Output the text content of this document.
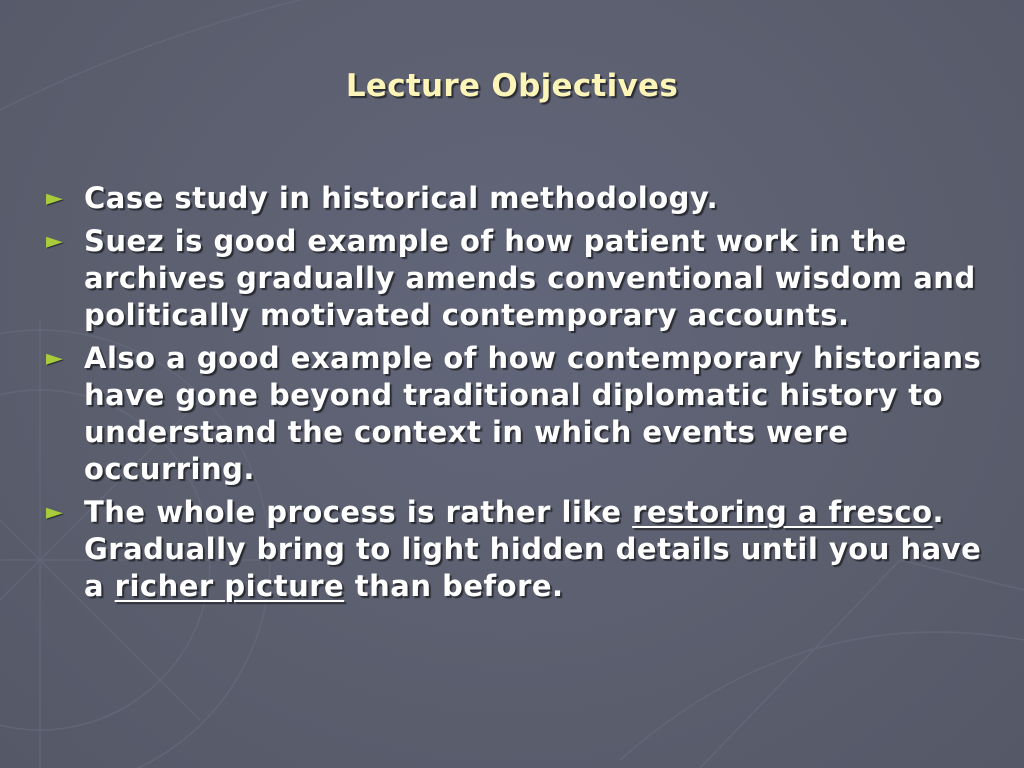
Lecture Objectives
► Case study in historical methodology.
► Suez is good example of how patient work in the archives gradually amends conventional wisdom and politically motivated contemporary accounts.
► Also a good example of how contemporary historians have gone beyond traditional diplomatic history to understand the context in which events were occurring.
► The whole process is rather like restoring a fresco. Gradually bring to light hidden details until you have a richer picture than before.
